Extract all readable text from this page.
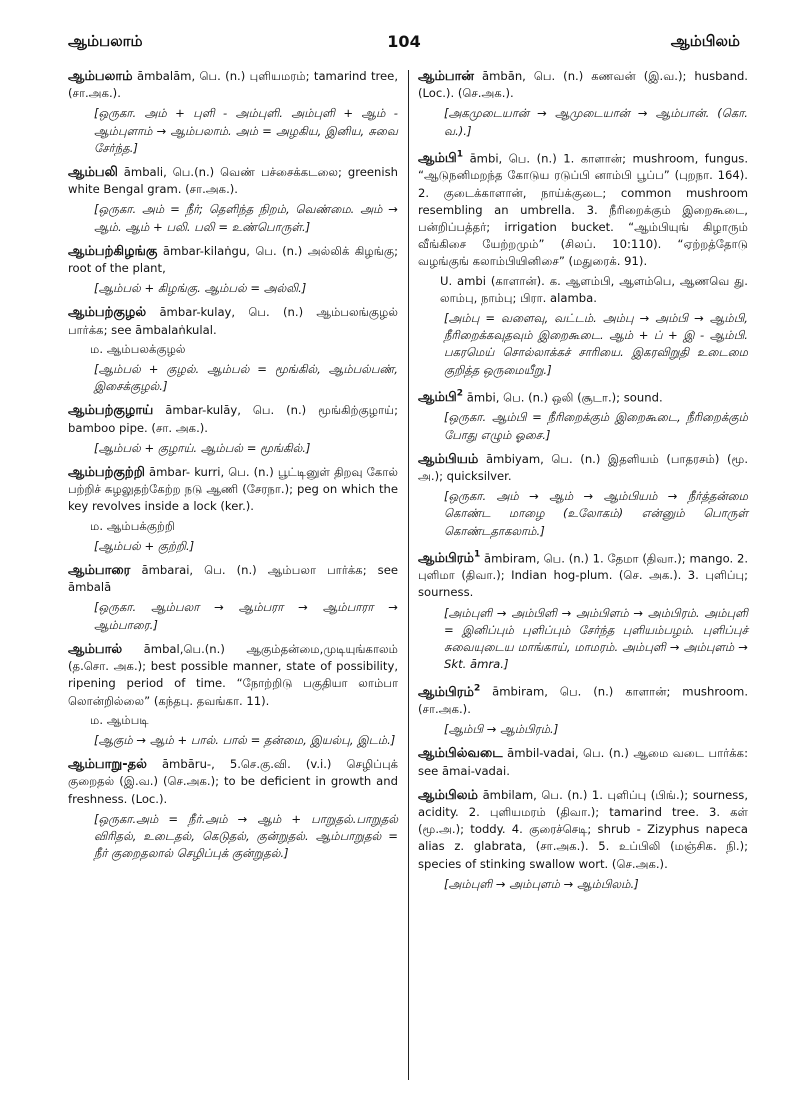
ஆம்பலாம்	104	ஆம்பிலம்
ஆம்பலாம் āmbalām, பெ. (n.) புளியமரம்; tamarind tree, (சா.அக.).
[ஒருகா. அம் + புளி - அம்புளி. அம்புளி + ஆம் - ஆம்புளாம் → ஆம்பலாம். அம் = அழகிய, இனிய, சுவை சேர்ந்த.]
ஆம்பலி āmbali, பெ.(n.) வெண் பச்சைக்கடலை; greenish white Bengal gram. (சா.அக.).
[ஒருகா. அம் = நீர்; தெளிந்த நிறம், வெண்மை. அம் → ஆம். ஆம் + பலி. பலி = உண்பொருள்.]
ஆம்பற்கிழங்கு āmbar-kilaṅgu, பெ. (n.) அல்லிக் கிழங்கு; root of the plant,
[ஆம்பல் + கிழங்கு. ஆம்பல் = அல்லி.]
ஆம்பற்குழல் āmbar-kulay, பெ. (n.) ஆம்பலங்குழல் பார்க்க; see āmbalaṅkulal.
ம. ஆம்பலக்குழல்
[ஆம்பல் + குழல். ஆம்பல் = மூங்கில், ஆம்பல்பண், இசைக்குழல்.]
ஆம்பற்குழாய் āmbar-kulāy, பெ. (n.) மூங்கிற்குழாய்; bamboo pipe. (சா. அக.).
[ஆம்பல் + குழாய். ஆம்பல் = மூங்கில்.]
ஆம்பற்குற்றி āmbar- kurri, பெ. (n.) பூட்டினுள் திறவு கோல் பற்றிச் சுழலுதற்கேற்ற நடு ஆணி (சேரநா.); peg on which the key revolves inside a lock (ker.).
ம. ஆம்பக்குற்றி
[ஆம்பல் + குற்றி.]
ஆம்பாரை āmbarai, பெ. (n.) ஆம்பலா பார்க்க; see āmbalā
[ஒருகா. ஆம்பலா → ஆம்பரா → ஆம்பாரா → ஆம்பாரை.]
ஆம்பால் āmbal,பெ.(n.) ஆகும்தன்மை,முடியுங்காலம் (த.சொ. அக.); best possible manner, state of possibility, ripening period of time. “நோற்றிடு பகுதியா லாம்பா லொன்றில்லை” (கந்தபு. தவங்கா. 11).
ம. ஆம்படி
[ஆகும் → ஆம் + பால். பால் = தன்மை, இயல்பு, இடம்.]
ஆம்பாறு-தல் āmbāru-, 5.செ.கு.வி. (v.i.) செழிப்புக் குறைதல் (இ.வ.) (செ.அக.); to be deficient in growth and freshness. (Loc.).
[ஒருகா.அம் = நீர்.அம் → ஆம் + பாறுதல்.பாறுதல் விரிதல், உடைதல், கெடுதல், குன்றுதல். ஆம்பாறுதல் = நீர் குறைதலால் செழிப்புக் குன்றுதல்.]
ஆம்பான் āmbān, பெ. (n.) கணவன் (இ.வ.); husband. (Loc.). (செ.அக.).
[அகமுடையான் → ஆமுடையான் → ஆம்பான். (கொ. வ.).]
ஆம்பி$^1$ āmbi, பெ. (n.) 1. காளான்; mushroom, fungus. “ஆடுநனிமறந்த கோடுய ரடுப்பி னாம்பி பூப்ப” (புறநா. 164). 2. குடைக்காளான், நாய்க்குடை; common mushroom resembling an umbrella. 3. நீரிறைக்கும் இறைகூடை, பன்றிப்பத்தர்; irrigation bucket. “ஆம்பியுங் கிழாரும் வீங்கிசை யேற்றமும்” (சிலப். 10:110). “ஏற்றத்தோடு வழங்குங் கலாம்பியினிசை” (மதுரைக். 91).
U. ambi (காளான்). க. ஆளம்பி, ஆளம்பெ, ஆணவெ து. லாம்பு, நாம்பு; பிரா. alamba.
[அம்பு = வளைவு, வட்டம். அம்பு → அம்பி → ஆம்பி, நீரிறைக்கவுதவும் இறைகூடை. ஆம் + ப் + இ - ஆம்பி. பகரமெய் சொல்லாக்கச் சாரியை. இகரவிறுதி உடைமை குறித்த ஒருமையீறு.]
ஆம்பி$^2$ āmbi, பெ. (n.) ஒலி (சூடா.); sound.
[ஒருகா. ஆம்பி = நீரிறைக்கும் இறைகூடை, நீரிறைக்கும் போது எழும் ஓசை.]
ஆம்பியம் āmbiyam, பெ. (n.) இதளியம் (பாதரசம்) (மூ. அ.); quicksilver.
[ஒருகா. அம் → ஆம் → ஆம்பியம் → நீர்த்தன்மை கொண்ட மாழை (உலோகம்) என்னும் பொருள் கொண்டதாகலாம்.]
ஆம்பிரம்$^1$ āmbiram, பெ. (n.) 1. தேமா (திவா.); mango. 2. புளிமா (திவா.); Indian hog-plum. (செ. அக.). 3. புளிப்பு; sourness.
[அம்புளி → அம்பிளி → அம்பிளம் → அம்பிரம். அம்புளி = இனிப்பும் புளிப்பும் சேர்ந்த புளியம்பழம். புளிப்புச் சுவையுடைய மாங்காய், மாமரம். அம்புளி → அம்புளம் → Skt. āmra.]
ஆம்பிரம்$^2$ āmbiram, பெ. (n.) காளான்; mushroom. (சா.அக.).
[ஆம்பி → ஆம்பிரம்.]
ஆம்பில்வடை āmbil-vadai, பெ. (n.) ஆமை வடை பார்க்க: see āmai-vadai.
ஆம்பிலம் āmbilam, பெ. (n.) 1. புளிப்பு (பிங்.); sourness, acidity. 2. புளியமரம் (திவா.); tamarind tree. 3. கள் (மூ.அ.); toddy. 4. குரைச்செடி; shrub - Zizyphus napeca alias z. glabrata, (சா.அக.). 5. உப்பிலி (மஞ்சிக. நி.); species of stinking swallow wort. (செ.அக.).
[அம்புளி → அம்புளம் → ஆம்பிலம்.]
